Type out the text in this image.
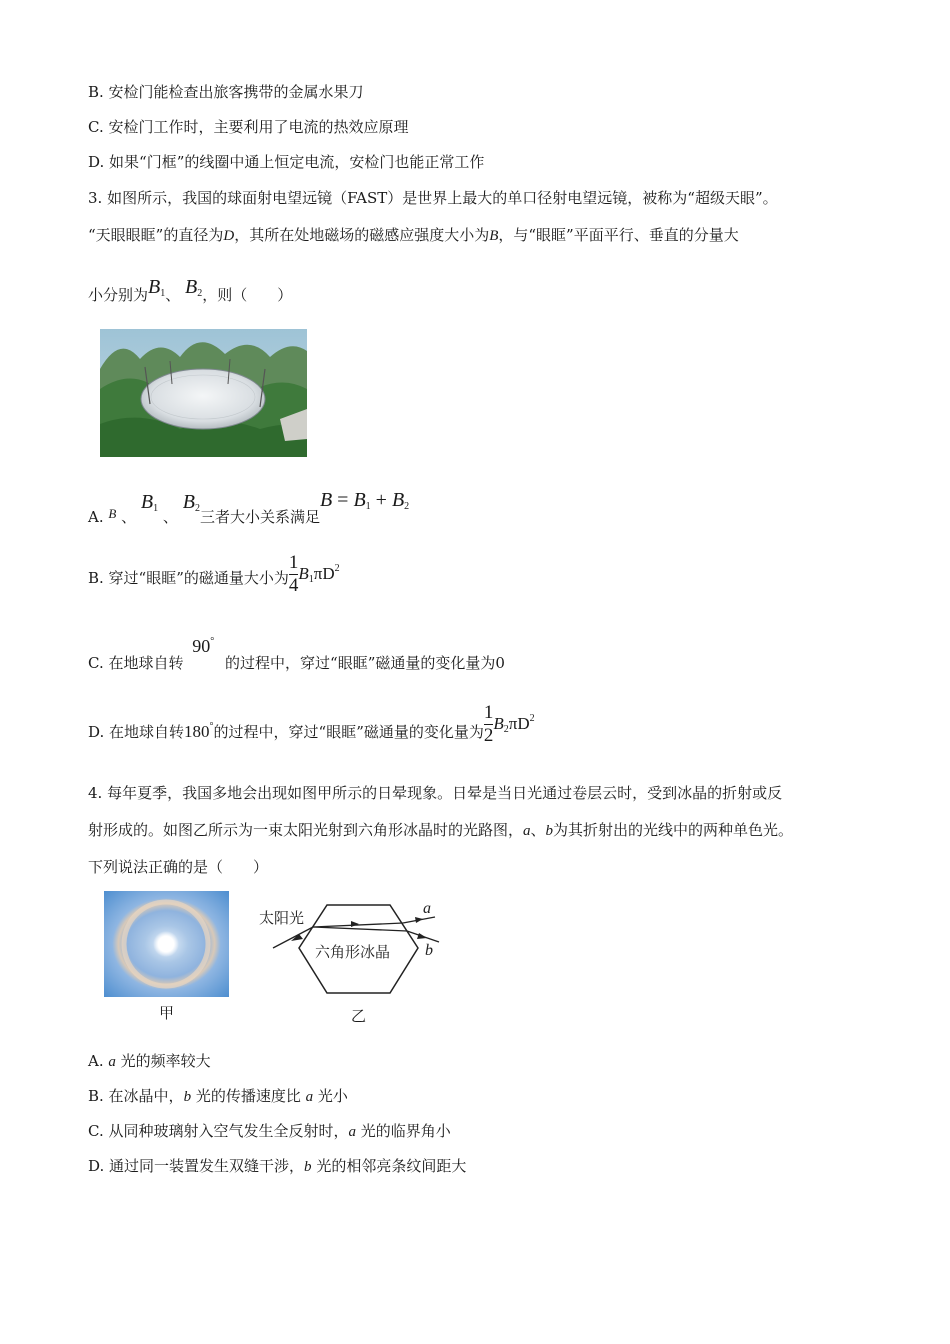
B. 安检门能检查出旅客携带的金属水果刀
C. 安检门工作时，主要利用了电流的热效应原理
D. 如果“门框”的线圈中通上恒定电流，安检门也能正常工作
3. 如图所示，我国的球面射电望远镜（FAST）是世界上最大的单口径射电望远镜，被称为“超级天眼”。
“天眼眼眶”的直径为D，其所在处地磁场的磁感应强度大小为B，与“眼眶”平面平行、垂直的分量大
小分别为$B_1$、 $B_2$，则（　　）
A. B 、 $B_1$ 、 $B_2$三者大小关系满足$B = B_1 + B_2$
B. 穿过“眼眶”的磁通量大小为 $\frac{1}{4} B_1\pi D^2$
C. 在地球自转 90° 的过程中，穿过“眼眶”磁通量的变化量为0
D. 在地球自转180°的过程中，穿过“眼眶”磁通量的变化量为 $\frac{1}{2} B_2\pi D^2$
4. 每年夏季，我国多地会出现如图甲所示的日晕现象。日晕是当日光通过卷层云时，受到冰晶的折射或反
射形成的。如图乙所示为一束太阳光射到六角形冰晶时的光路图，a、b为其折射出的光线中的两种单色光。
下列说法正确的是（　　）
甲
太阳光
六角形冰晶
a
b
乙
A. a 光的频率较大
B. 在冰晶中，b 光的传播速度比 a 光小
C. 从同种玻璃射入空气发生全反射时，a 光的临界角小
D. 通过同一装置发生双缝干涉，b 光的相邻亮条纹间距大
